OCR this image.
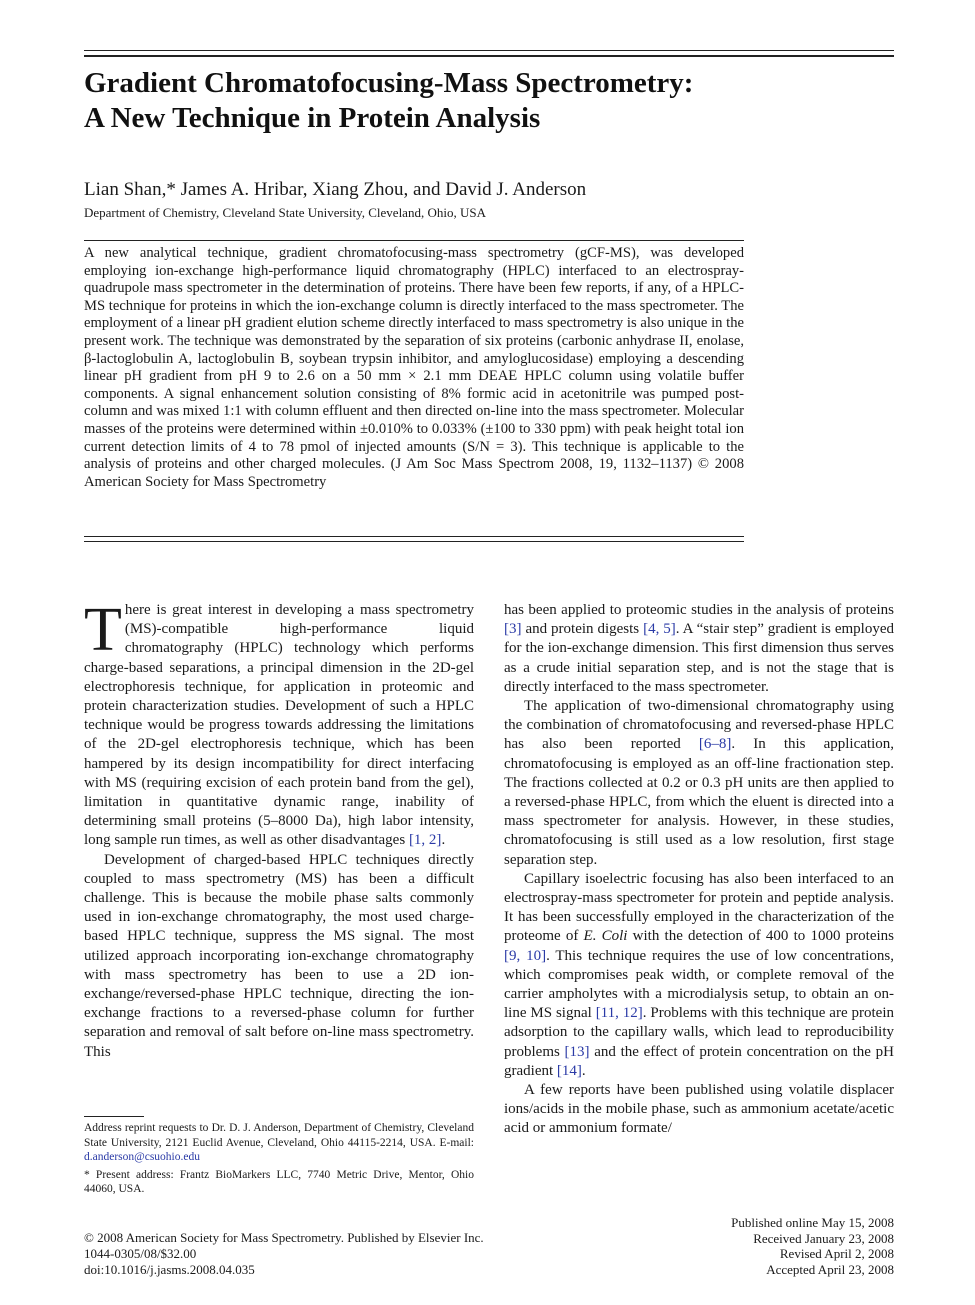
Gradient Chromatofocusing-Mass Spectrometry:
A New Technique in Protein Analysis

Lian Shan,* James A. Hribar, Xiang Zhou, and David J. Anderson

Department of Chemistry, Cleveland State University, Cleveland, Ohio, USA

A new analytical technique, gradient chromatofocusing-mass spectrometry (gCF-MS), was developed employing ion-exchange high-performance liquid chromatography (HPLC) interfaced to an electrospray-quadrupole mass spectrometer in the determination of proteins. There have been few reports, if any, of a HPLC-MS technique for proteins in which the ion-exchange column is directly interfaced to the mass spectrometer. The employment of a linear pH gradient elution scheme directly interfaced to mass spectrometry is also unique in the present work. The technique was demonstrated by the separation of six proteins (carbonic anhydrase II, enolase, β-lactoglobulin A, lactoglobulin B, soybean trypsin inhibitor, and amyloglucosidase) employing a descending linear pH gradient from pH 9 to 2.6 on a 50 mm × 2.1 mm DEAE HPLC column using volatile buffer components. A signal enhancement solution consisting of 8% formic acid in acetonitrile was pumped post-column and was mixed 1:1 with column effluent and then directed on-line into the mass spectrometer. Molecular masses of the proteins were determined within ±0.010% to 0.033% (±100 to 330 ppm) with peak height total ion current detection limits of 4 to 78 pmol of injected amounts (S/N = 3). This technique is applicable to the analysis of proteins and other charged molecules. (J Am Soc Mass Spectrom 2008, 19, 1132–1137) © 2008 American Society for Mass Spectrometry

There is great interest in developing a mass spectrometry (MS)-compatible high-performance liquid chromatography (HPLC) technology which performs charge-based separations, a principal dimension in the 2D-gel electrophoresis technique, for application in proteomic and protein characterization studies. Development of such a HPLC technique would be progress towards addressing the limitations of the 2D-gel electrophoresis technique, which has been hampered by its design incompatibility for direct interfacing with MS (requiring excision of each protein band from the gel), limitation in quantitative dynamic range, inability of determining small proteins (5–8000 Da), high labor intensity, long sample run times, as well as other disadvantages [1, 2].

Development of charged-based HPLC techniques directly coupled to mass spectrometry (MS) has been a difficult challenge. This is because the mobile phase salts commonly used in ion-exchange chromatography, the most used charge-based HPLC technique, suppress the MS signal. The most utilized approach incorporating ion-exchange chromatography with mass spectrometry has been to use a 2D ion-exchange/reversed-phase HPLC technique, directing the ion-exchange fractions to a reversed-phase column for further separation and removal of salt before on-line mass spectrometry. This

has been applied to proteomic studies in the analysis of proteins [3] and protein digests [4, 5]. A “stair step” gradient is employed for the ion-exchange dimension. This first dimension thus serves as a crude initial separation step, and is not the stage that is directly interfaced to the mass spectrometer.

The application of two-dimensional chromatography using the combination of chromatofocusing and reversed-phase HPLC has also been reported [6–8]. In this application, chromatofocusing is employed as an off-line fractionation step. The fractions collected at 0.2 or 0.3 pH units are then applied to a reversed-phase HPLC, from which the eluent is directed into a mass spectrometer for analysis. However, in these studies, chromatofocusing is still used as a low resolution, first stage separation step.

Capillary isoelectric focusing has also been interfaced to an electrospray-mass spectrometer for protein and peptide analysis. It has been successfully employed in the characterization of the proteome of E. Coli with the detection of 400 to 1000 proteins [9, 10]. This technique requires the use of low concentrations, which compromises peak width, or complete removal of the carrier ampholytes with a microdialysis setup, to obtain an on-line MS signal [11, 12]. Problems with this technique are protein adsorption to the capillary walls, which lead to reproducibility problems [13] and the effect of protein concentration on the pH gradient [14].

A few reports have been published using volatile displacer ions/acids in the mobile phase, such as ammonium acetate/acetic acid or ammonium formate/

Address reprint requests to Dr. D. J. Anderson, Department of Chemistry, Cleveland State University, 2121 Euclid Avenue, Cleveland, Ohio 44115-2214, USA. E-mail: d.anderson@csuohio.edu

* Present address: Frantz BioMarkers LLC, 7740 Metric Drive, Mentor, Ohio 44060, USA.

© 2008 American Society for Mass Spectrometry. Published by Elsevier Inc.
1044-0305/08/$32.00
doi:10.1016/j.jasms.2008.04.035
Published online May 15, 2008
Received January 23, 2008
Revised April 2, 2008
Accepted April 23, 2008
